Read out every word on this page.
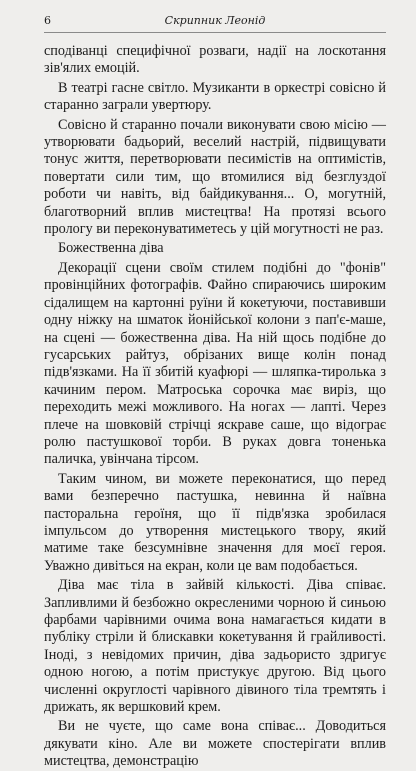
6	Скрипник Леонід

сподіванці специфічної розваги, надії на лоскотання зів'ялих емоцій.

В театрі гасне світло. Музиканти в оркестрі совісно й старанно заграли увертюру.

Совісно й старанно почали виконувати свою місію — утворювати бадьорий, веселий настрій, підвищувати тонус життя, перетворювати песимістів на оптимістів, повертати сили тим, що втомилися від безглуздої роботи чи навіть, від байдикування... О, могутній, благотворний вплив мистецтва! На протязі всього прологу ви переконуватиметесь у цій могутності не раз.

Божественна діва

Декорації сцени своїм стилем подібні до "фонів" провінційних фотографів. Файно спираючись широким сідалищем на картонні руїни й кокетуючи, поставивши одну ніжку на шматок йонійської колони з пап'є-маше, на сцені — божественна діва. На ній щось подібне до гусарських райтуз, обрізаних вище колін понад підв'язками. На її збитій куафюрі — шляпка-тиролька з качиним пером. Матроська сорочка має виріз, що переходить межі можливого. На ногах — лапті. Через плече на шовковій стрічці яскраве саше, що відограє ролю пастушкової торби. В руках довга тоненька паличка, увінчана тірсом.

Таким чином, ви можете переконатися, що перед вами безперечно пастушка, невинна й наївна пасторальна героїня, що її підв'язка зробилася імпульсом до утворення мистецького твору, який матиме таке безсумнівне значення для моєї героя. Уважно дивіться на екран, коли це вам подобається.

Діва має тіла в зайвій кількості. Діва співає. Запливлими й безбожно окресленими чорною й синьою фарбами чарівними очима вона намагається кидати в публіку стріли й блискавки кокетування й грайливості. Іноді, з невідомих причин, діва задьористо здригує одною ногою, а потім пристукує другою. Від цього численні округлості чарівного дівиного тіла тремтять і дрижать, як вершковий крем.

Ви не чуєте, що саме вона співає... Доводиться дякувати кіно. Але ви можете спостерігати вплив мистецтва, демонстрацію
